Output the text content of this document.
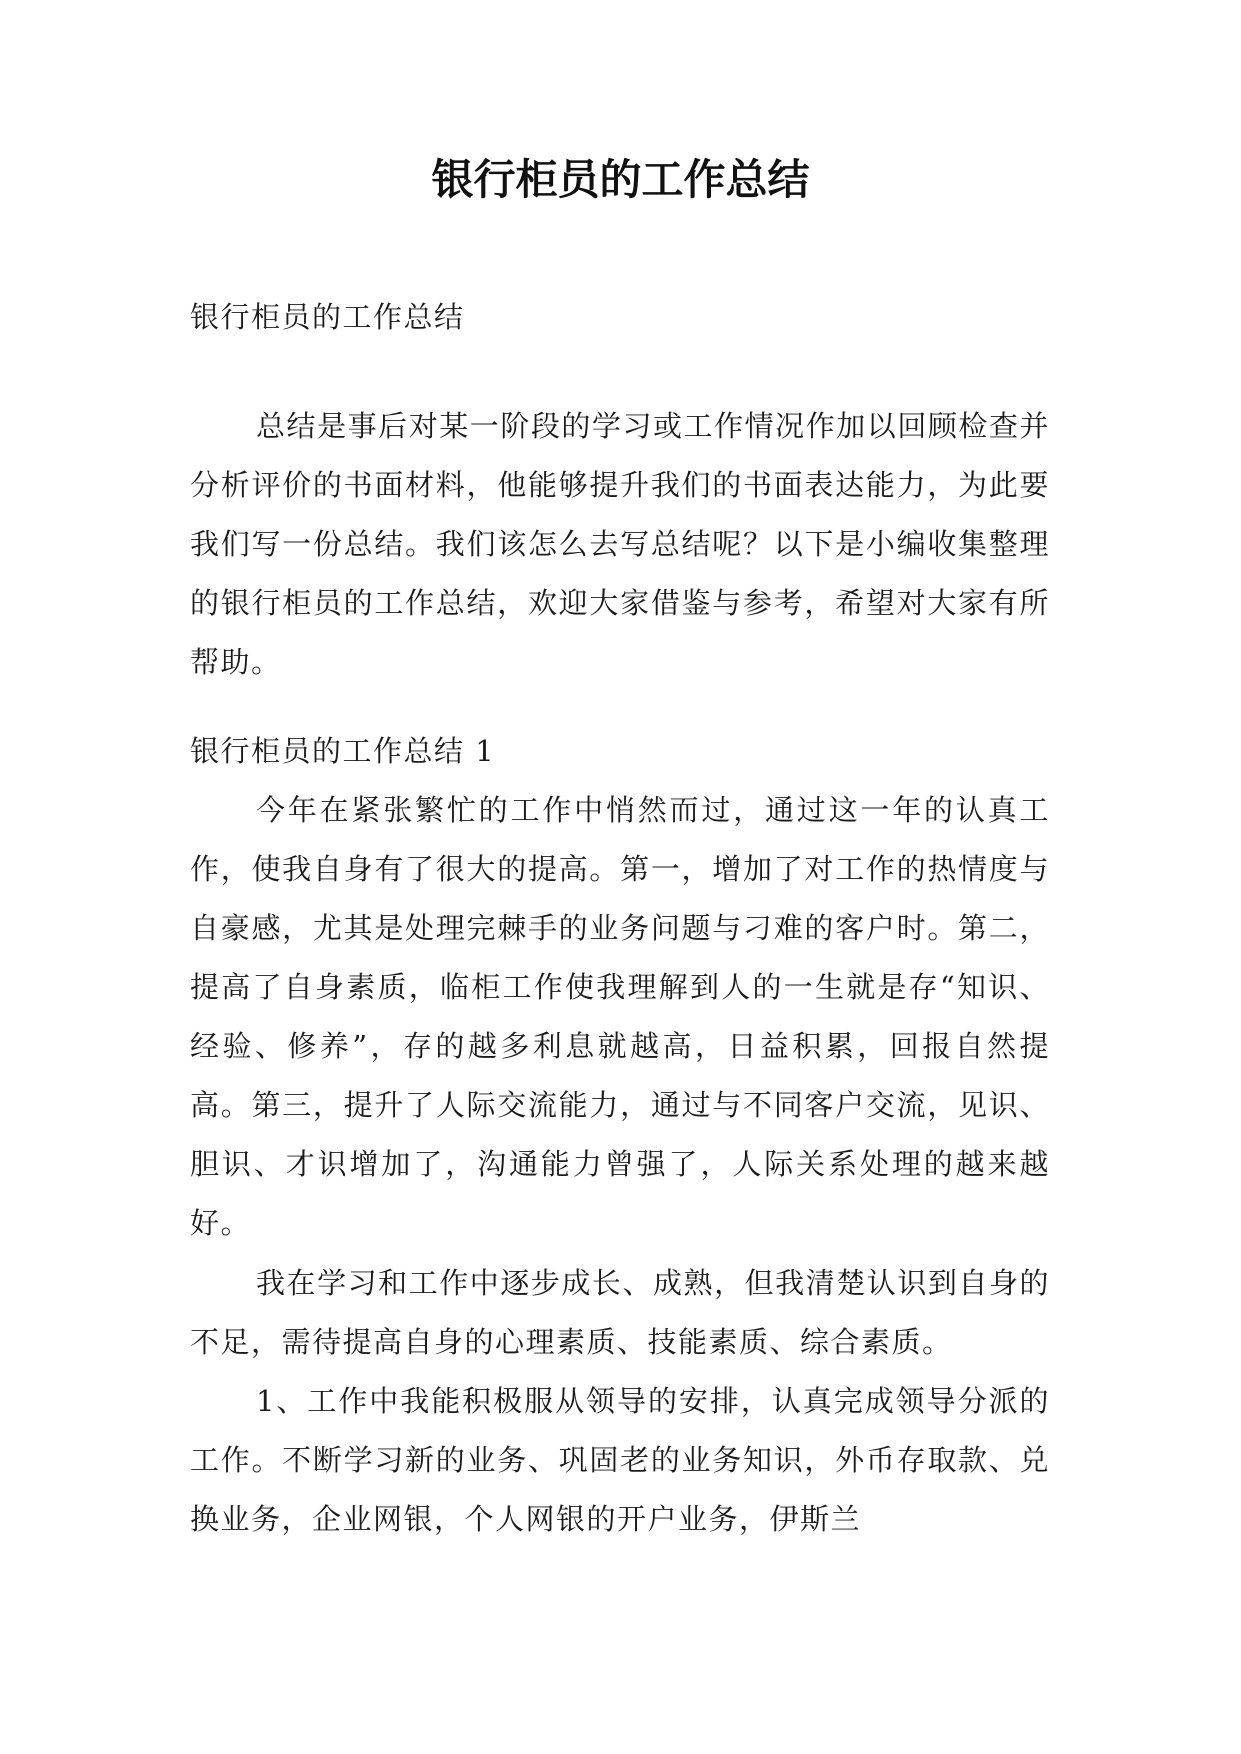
银行柜员的工作总结

银行柜员的工作总结

总结是事后对某一阶段的学习或工作情况作加以回顾检查并分析评价的书面材料，他能够提升我们的书面表达能力，为此要我们写一份总结。我们该怎么去写总结呢？以下是小编收集整理的银行柜员的工作总结，欢迎大家借鉴与参考，希望对大家有所帮助。

银行柜员的工作总结 1

今年在紧张繁忙的工作中悄然而过，通过这一年的认真工作，使我自身有了很大的提高。第一，增加了对工作的热情度与自豪感，尤其是处理完棘手的业务问题与刁难的客户时。第二，提高了自身素质，临柜工作使我理解到人的一生就是存“知识、经验、修养”，存的越多利息就越高，日益积累，回报自然提高。第三，提升了人际交流能力，通过与不同客户交流，见识、胆识、才识增加了，沟通能力曾强了，人际关系处理的越来越好。

我在学习和工作中逐步成长、成熟，但我清楚认识到自身的不足，需待提高自身的心理素质、技能素质、综合素质。

1、工作中我能积极服从领导的安排，认真完成领导分派的工作。不断学习新的业务、巩固老的业务知识，外币存取款、兑换业务，企业网银，个人网银的开户业务，伊斯兰
